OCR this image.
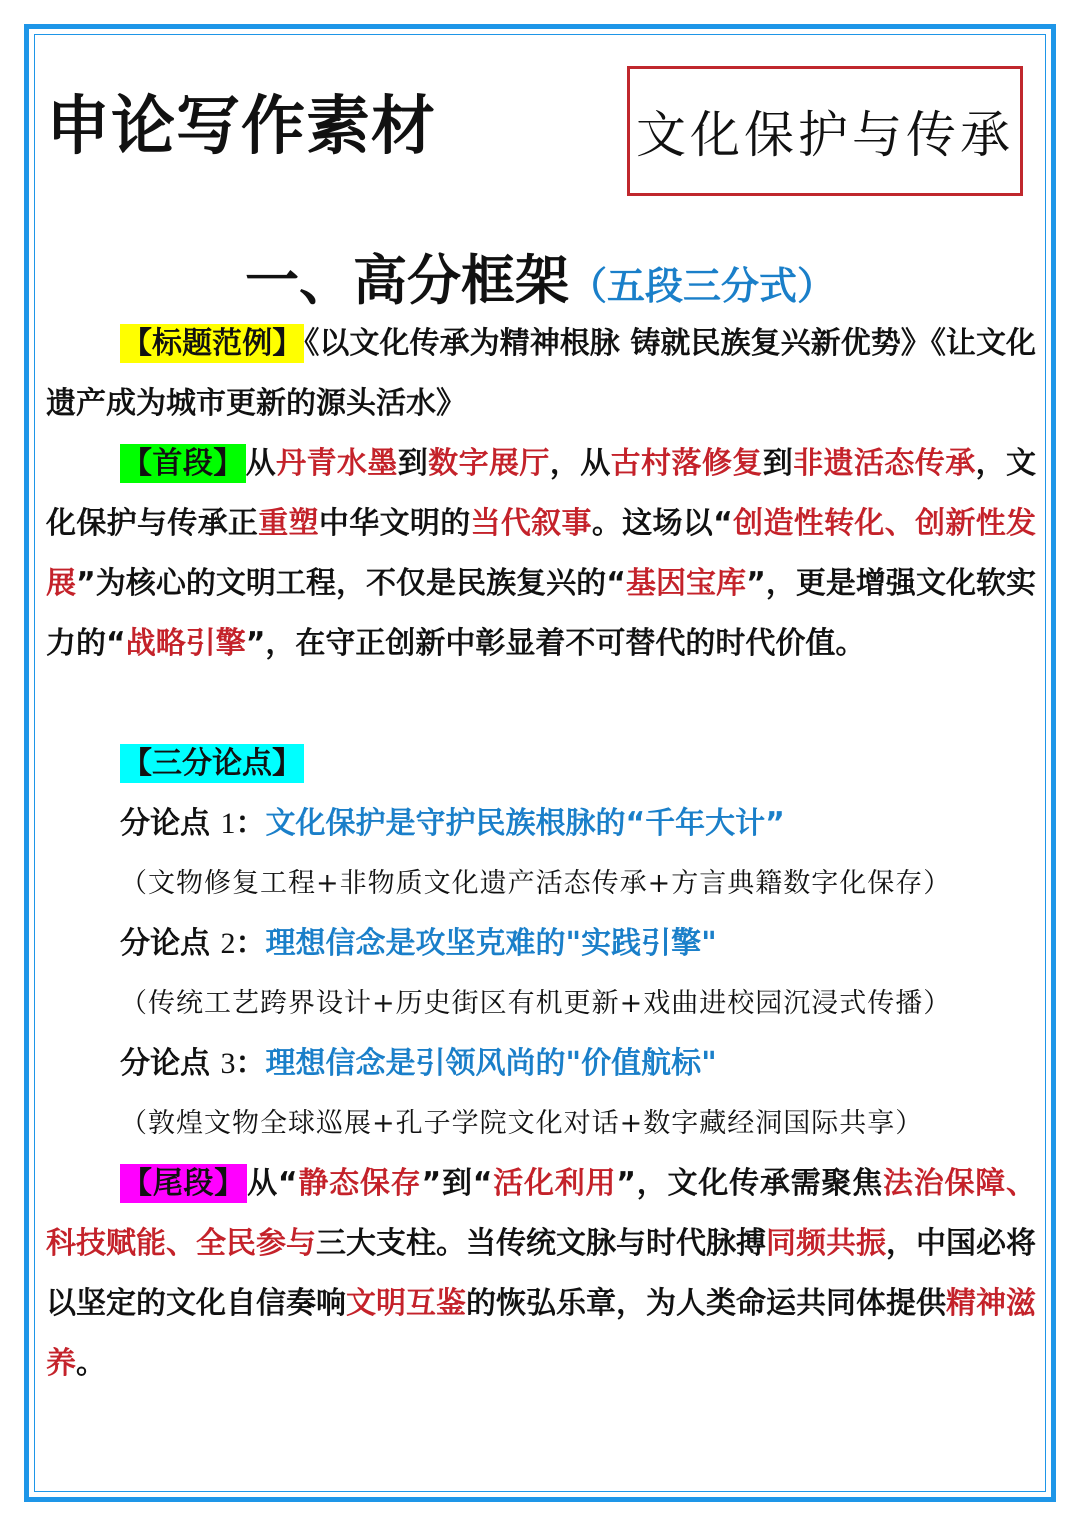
申论写作素材	文化保护与传承
一、高分框架（五段三分式）

【标题范例】《以文化传承为精神根脉 铸就民族复兴新优势》《让文化遗产成为城市更新的源头活水》

【首段】从丹青水墨到数字展厅，从古村落修复到非遗活态传承，文化保护与传承正重塑中华文明的当代叙事。这场以“创造性转化、创新性发展”为核心的文明工程，不仅是民族复兴的“基因宝库”，更是增强文化软实力的“战略引擎”，在守正创新中彰显着不可替代的时代价值。

【三分论点】

分论点 1：文化保护是守护民族根脉的“千年大计”

（文物修复工程+非物质文化遗产活态传承+方言典籍数字化保存）

分论点 2：理想信念是攻坚克难的"实践引擎"

（传统工艺跨界设计+历史街区有机更新+戏曲进校园沉浸式传播）

分论点 3：理想信念是引领风尚的"价值航标"

（敦煌文物全球巡展+孔子学院文化对话+数字藏经洞国际共享）

【尾段】从“静态保存”到“活化利用”，文化传承需聚焦法治保障、科技赋能、全民参与三大支柱。当传统文脉与时代脉搏同频共振，中国必将以坚定的文化自信奏响文明互鉴的恢弘乐章，为人类命运共同体提供精神滋养。
